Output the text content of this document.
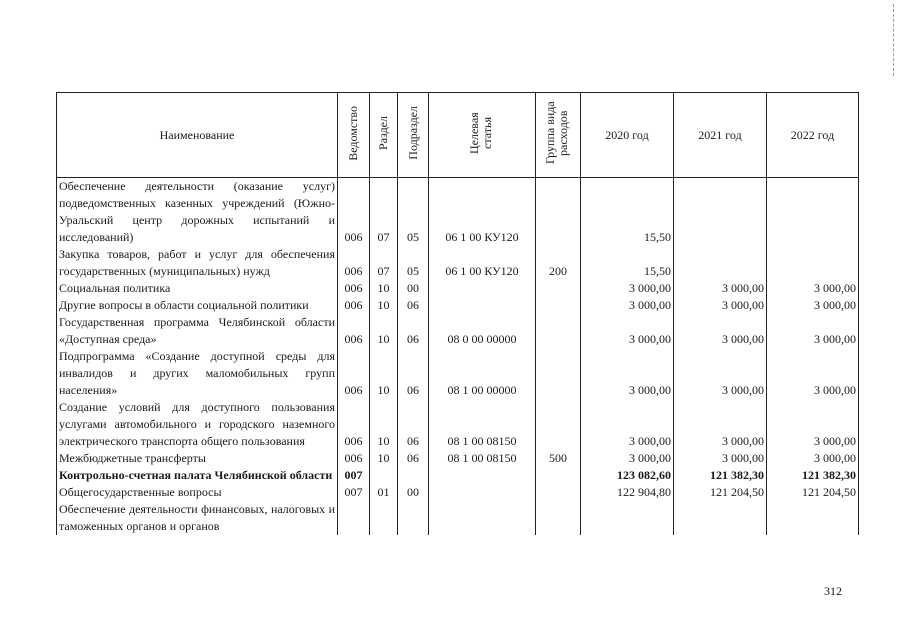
Наименование	Ведомство	Раздел	Подраздел	Целевая статья	Группа вида расходов	2020 год	2021 год	2022 год
Обеспечение деятельности (оказание услуг) подведомственных казенных учреждений (Южно-Уральский центр дорожных испытаний и исследований)	006	07	05	06 1 00 КУ120		15,50		
Закупка товаров, работ и услуг для обеспечения государственных (муниципальных) нужд	006	07	05	06 1 00 КУ120	200	15,50		
Социальная политика	006	10	00			3 000,00	3 000,00	3 000,00
Другие вопросы в области социальной политики	006	10	06			3 000,00	3 000,00	3 000,00
Государственная программа Челябинской области «Доступная среда»	006	10	06	08 0 00 00000		3 000,00	3 000,00	3 000,00
Подпрограмма «Создание доступной среды для инвалидов и других маломобильных групп населения»	006	10	06	08 1 00 00000		3 000,00	3 000,00	3 000,00
Создание условий для доступного пользования услугами автомобильного и городского наземного электрического транспорта общего пользования	006	10	06	08 1 00 08150		3 000,00	3 000,00	3 000,00
Межбюджетные трансферты	006	10	06	08 1 00 08150	500	3 000,00	3 000,00	3 000,00
Контрольно-счетная палата Челябинской области	007					123 082,60	121 382,30	121 382,30
Общегосударственные вопросы	007	01	00			122 904,80	121 204,50	121 204,50
Обеспечение деятельности финансовых, налоговых и таможенных органов и органов								
312
